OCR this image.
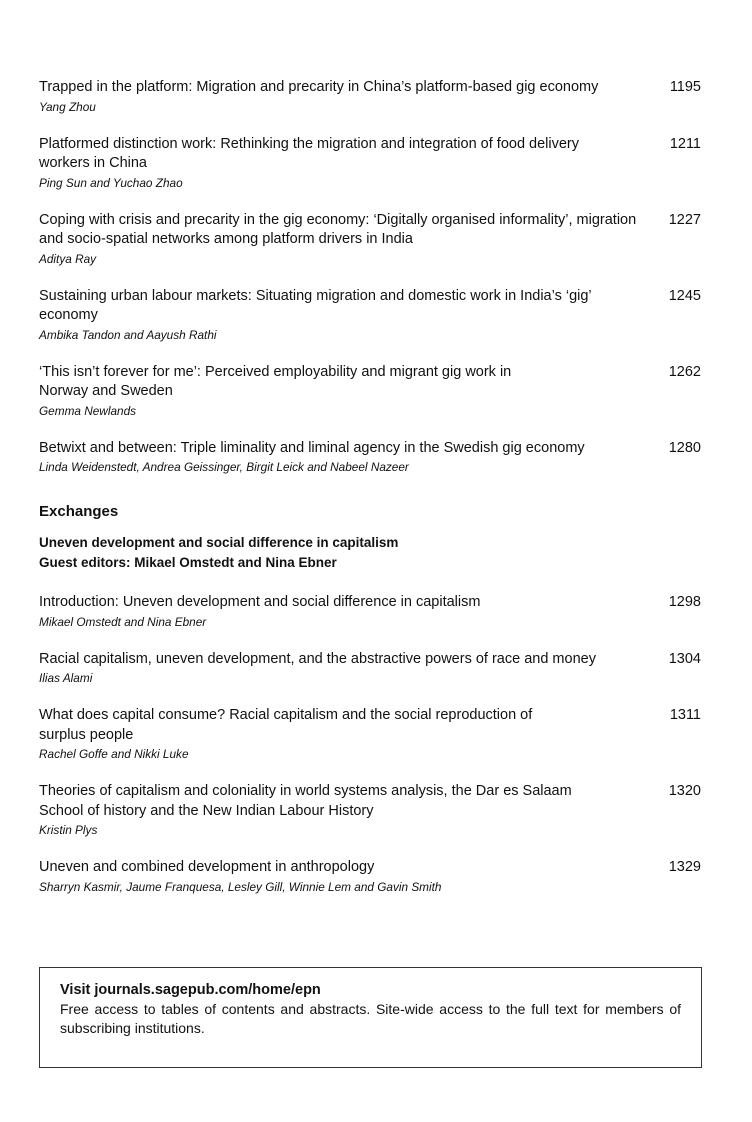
Trapped in the platform: Migration and precarity in China’s platform-based gig economy
Yang Zhou
1195
Platformed distinction work: Rethinking the migration and integration of food delivery workers in China
Ping Sun and Yuchao Zhao
1211
Coping with crisis and precarity in the gig economy: ‘Digitally organised informality’, migration and socio-spatial networks among platform drivers in India
Aditya Ray
1227
Sustaining urban labour markets: Situating migration and domestic work in India’s ‘gig’ economy
Ambika Tandon and Aayush Rathi
1245
‘This isn’t forever for me’: Perceived employability and migrant gig work in Norway and Sweden
Gemma Newlands
1262
Betwixt and between: Triple liminality and liminal agency in the Swedish gig economy
Linda Weidenstedt, Andrea Geissinger, Birgit Leick and Nabeel Nazeer
1280
Exchanges
Uneven development and social difference in capitalism
Guest editors: Mikael Omstedt and Nina Ebner
Introduction: Uneven development and social difference in capitalism
Mikael Omstedt and Nina Ebner
1298
Racial capitalism, uneven development, and the abstractive powers of race and money
Ilias Alami
1304
What does capital consume? Racial capitalism and the social reproduction of surplus people
Rachel Goffe and Nikki Luke
1311
Theories of capitalism and coloniality in world systems analysis, the Dar es Salaam School of history and the New Indian Labour History
Kristin Plys
1320
Uneven and combined development in anthropology
Sharryn Kasmir, Jaume Franquesa, Lesley Gill, Winnie Lem and Gavin Smith
1329
Visit journals.sagepub.com/home/epn
Free access to tables of contents and abstracts. Site-wide access to the full text for members of subscribing institutions.
